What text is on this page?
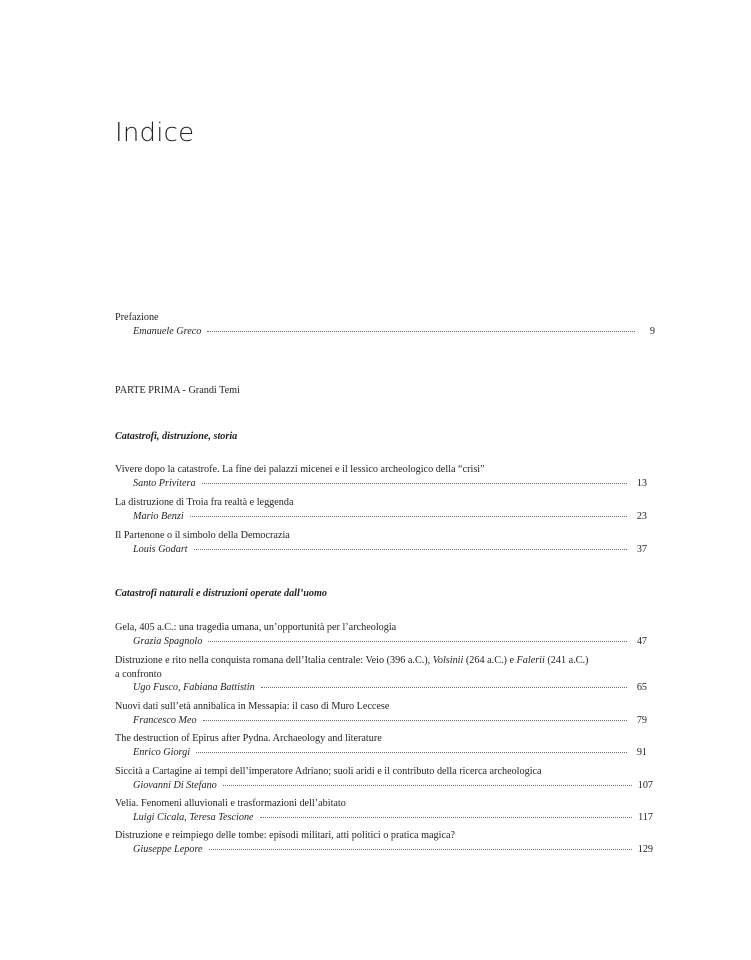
Indice
Prefazione
Emanuele Greco	9
PARTE PRIMA - Grandi Temi
Catastrofi, distruzione, storia
Vivere dopo la catastrofe. La fine dei palazzi micenei e il lessico archeologico della “crisi”
Santo Privitera	13
La distruzione di Troia fra realtà e leggenda
Mario Benzi	23
Il Partenone o il simbolo della Democrazia
Louis Godart	37
Catastrofi naturali e distruzioni operate dall’uomo
Gela, 405 a.C.: una tragedia umana, un’opportunità per l’archeologia
Grazia Spagnolo	47
Distruzione e rito nella conquista romana dell’Italia centrale: Veio (396 a.C.), Volsinii (264 a.C.) e Falerii (241 a.C.)
a confronto
Ugo Fusco, Fabiana Battistin	65
Nuovi dati sull’età annibalica in Messapia: il caso di Muro Leccese
Francesco Meo	79
The destruction of Epirus after Pydna. Archaeology and literature
Enrico Giorgi	91
Siccità a Cartagine ai tempi dell’imperatore Adriano; suoli aridi e il contributo della ricerca archeologica
Giovanni Di Stefano	107
Velia. Fenomeni alluvionali e trasformazioni dell’abitato
Luigi Cicala, Teresa Tescione	117
Distruzione e reimpiego delle tombe: episodi militari, atti politici o pratica magica?
Giuseppe Lepore	129
